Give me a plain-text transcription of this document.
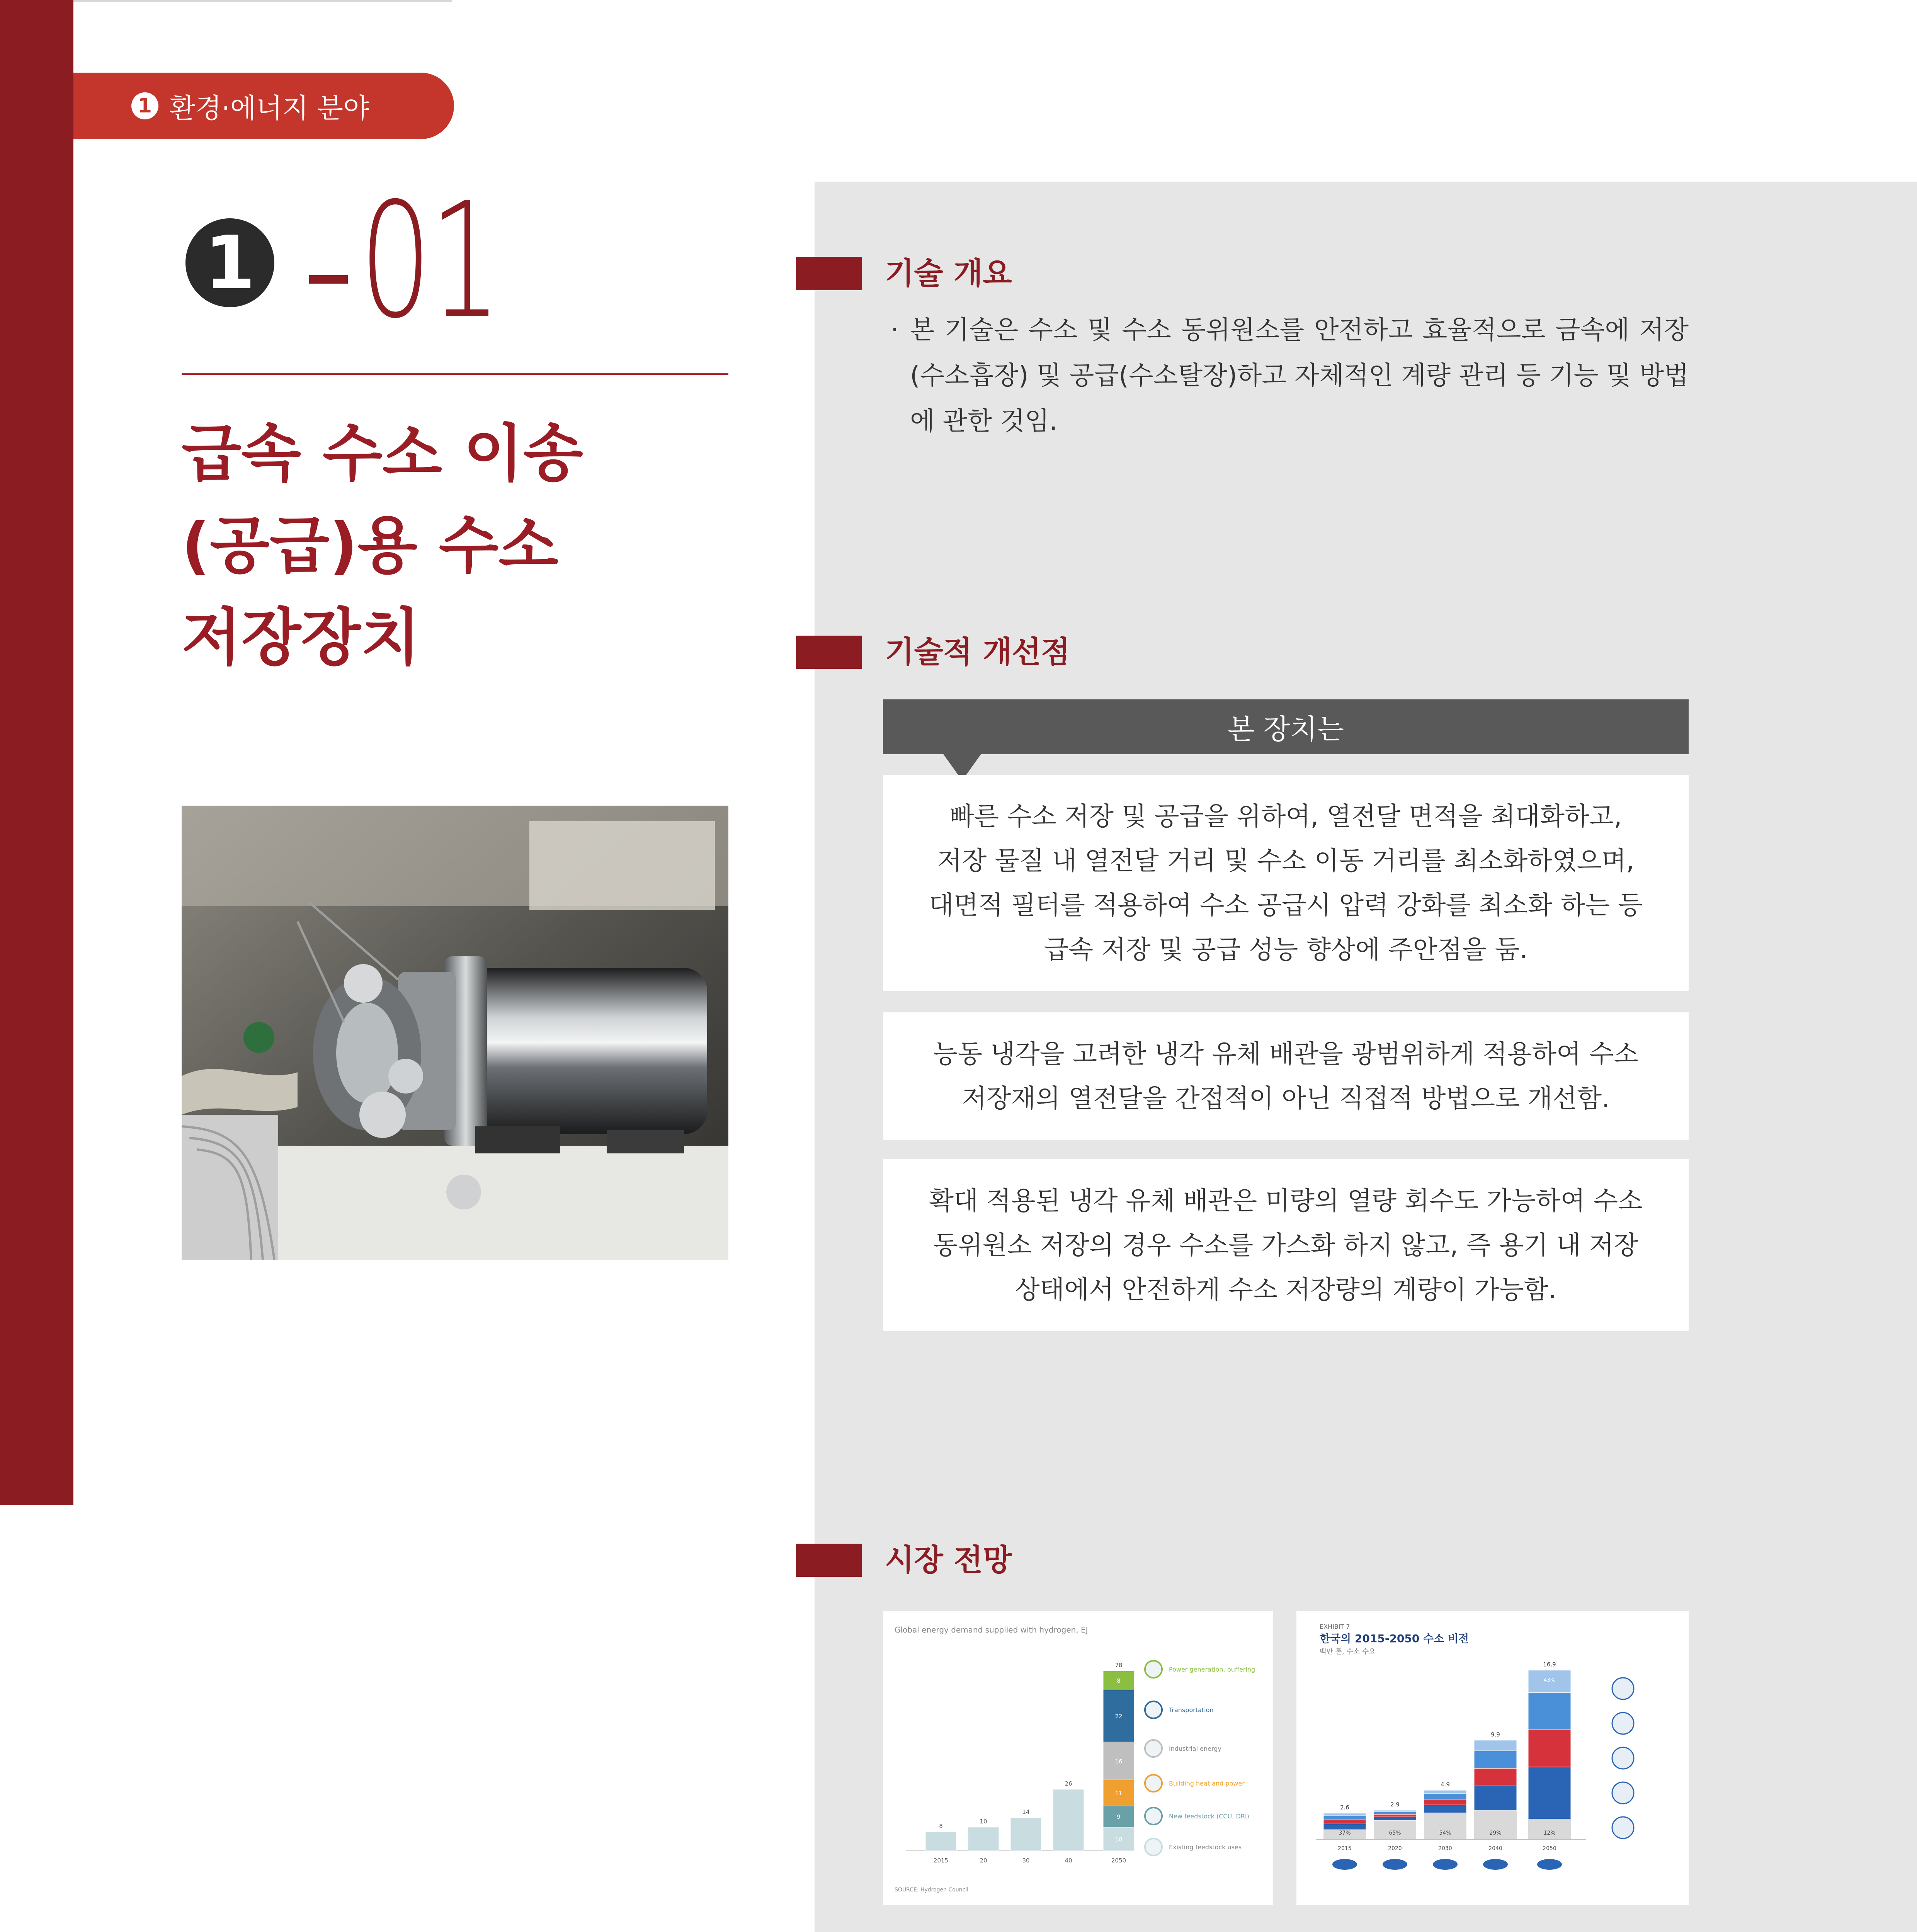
1 환경·에너지 분야
1 01
급속 수소 이송
(공급)용 수소
저장장치
기술 개요
· 본 기술은 수소 및 수소 동위원소를 안전하고 효율적으로 금속에 저장(수소흡장) 및 공급(수소탈장)하고 자체적인 계량 관리 등 기능 및 방법에 관한 것임.
기술적 개선점
본 장치는
빠른 수소 저장 및 공급을 위하여, 열전달 면적을 최대화하고,
저장 물질 내 열전달 거리 및 수소 이동 거리를 최소화하였으며,
대면적 필터를 적용하여 수소 공급시 압력 강화를 최소화 하는 등
급속 저장 및 공급 성능 향상에 주안점을 둠.
능동 냉각을 고려한 냉각 유체 배관을 광범위하게 적용하여 수소
저장재의 열전달을 간접적이 아닌 직접적 방법으로 개선함.
확대 적용된 냉각 유체 배관은 미량의 열량 회수도 가능하여 수소
동위원소 저장의 경우 수소를 가스화 하지 않고, 즉 용기 내 저장
상태에서 안전하게 수소 저장량의 계량이 가능함.
시장 전망
Global energy demand supplied with hydrogen, EJ
SOURCE: Hydrogen Council
8
2015
10
20
14
30
26
40
10
9
11
16
22
8
78
2050
Power generation, buffering
Transportation
Industrial energy
Building heat and power
New feedstock (CCU, DRI)
Existing feedstock uses
EXHIBIT 7
한국의 2015-2050 수소 비전
백만 톤, 수소 수요
37%
2.6
2015
65%
2.9
2020
54%
4.9
2030
29%
9.9
2040
12%
43%
16.9
2050
